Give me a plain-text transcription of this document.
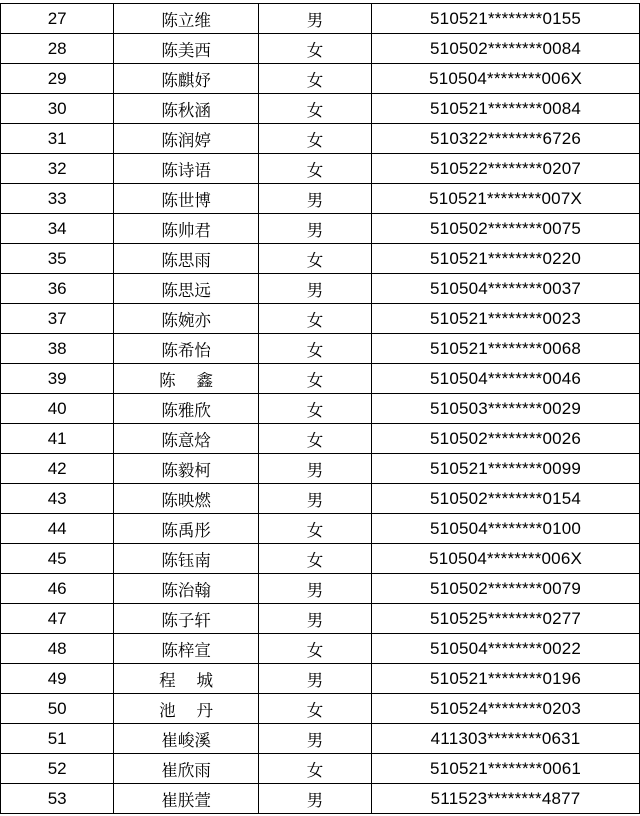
27	陈立维	男	510521********0155
28	陈美西	女	510502********0084
29	陈麒妤	女	510504********006X
30	陈秋涵	女	510521********0084
31	陈润婷	女	510322********6726
32	陈诗语	女	510522********0207
33	陈世博	男	510521********007X
34	陈帅君	男	510502********0075
35	陈思雨	女	510521********0220
36	陈思远	男	510504********0037
37	陈婉亦	女	510521********0023
38	陈希怡	女	510521********0068
39	陈    鑫	女	510504********0046
40	陈雅欣	女	510503********0029
41	陈意焓	女	510502********0026
42	陈毅柯	男	510521********0099
43	陈映燃	男	510502********0154
44	陈禹彤	女	510504********0100
45	陈钰南	女	510504********006X
46	陈治翰	男	510502********0079
47	陈子轩	男	510525********0277
48	陈梓宣	女	510504********0022
49	程    城	男	510521********0196
50	池    丹	女	510524********0203
51	崔峻溪	男	411303********0631
52	崔欣雨	女	510521********0061
53	崔朕萱	男	511523********4877
